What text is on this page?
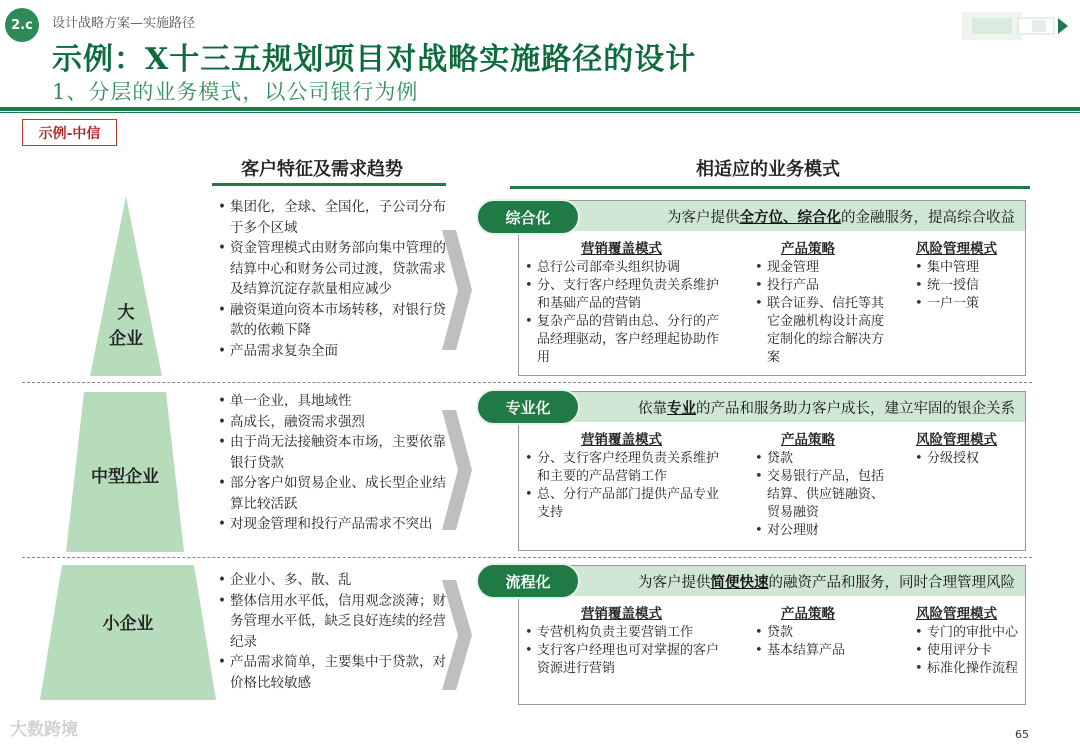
2.c	设计战略方案—实施路径
示例：X十三五规划项目对战略实施路径的设计
1、分层的业务模式，以公司银行为例
示例-中信
客户特征及需求趋势	相适应的业务模式
大
企业
中型企业
小企业
• 集团化，全球、全国化，子公司分布于多个区域
• 资金管理模式由财务部向集中管理的结算中心和财务公司过渡，贷款需求及结算沉淀存款量相应减少
• 融资渠道向资本市场转移，对银行贷款的依赖下降
• 产品需求复杂全面
• 单一企业，具地域性
• 高成长，融资需求强烈
• 由于尚无法接触资本市场，主要依靠银行贷款
• 部分客户如贸易企业、成长型企业结算比较活跃
• 对现金管理和投行产品需求不突出
• 企业小、多、散、乱
• 整体信用水平低，信用观念淡薄；财务管理水平低，缺乏良好连续的经营纪录
• 产品需求简单，主要集中于贷款，对价格比较敏感
为客户提供 全方位、综合化 的金融服务，提高综合收益
营销覆盖模式	产品策略	风险管理模式
• 总行公司部牵头组织协调
• 分、支行客户经理负责关系维护和基础产品的营销
• 复杂产品的营销由总、分行的产品经理驱动，客户经理起协助作用
• 现金管理
• 投行产品
• 联合证券、信托等其它金融机构设计高度定制化的综合解决方案
• 集中管理
• 统一授信
• 一户一策
综合化
依靠 专业 的产品和服务助力客户成长，建立牢固的银企关系
营销覆盖模式	产品策略	风险管理模式
• 分、支行客户经理负责关系维护和主要的产品营销工作
• 总、分行产品部门提供产品专业支持
• 贷款
• 交易银行产品，包括结算、供应链融资、贸易融资
• 对公理财
• 分级授权
专业化
为客户提供 简便快速 的融资产品和服务，同时合理管理风险
营销覆盖模式	产品策略	风险管理模式
• 专营机构负责主要营销工作
• 支行客户经理也可对掌握的客户资源进行营销
• 贷款
• 基本结算产品
• 专门的审批中心
• 使用评分卡
• 标准化操作流程
流程化
大数跨境	65
